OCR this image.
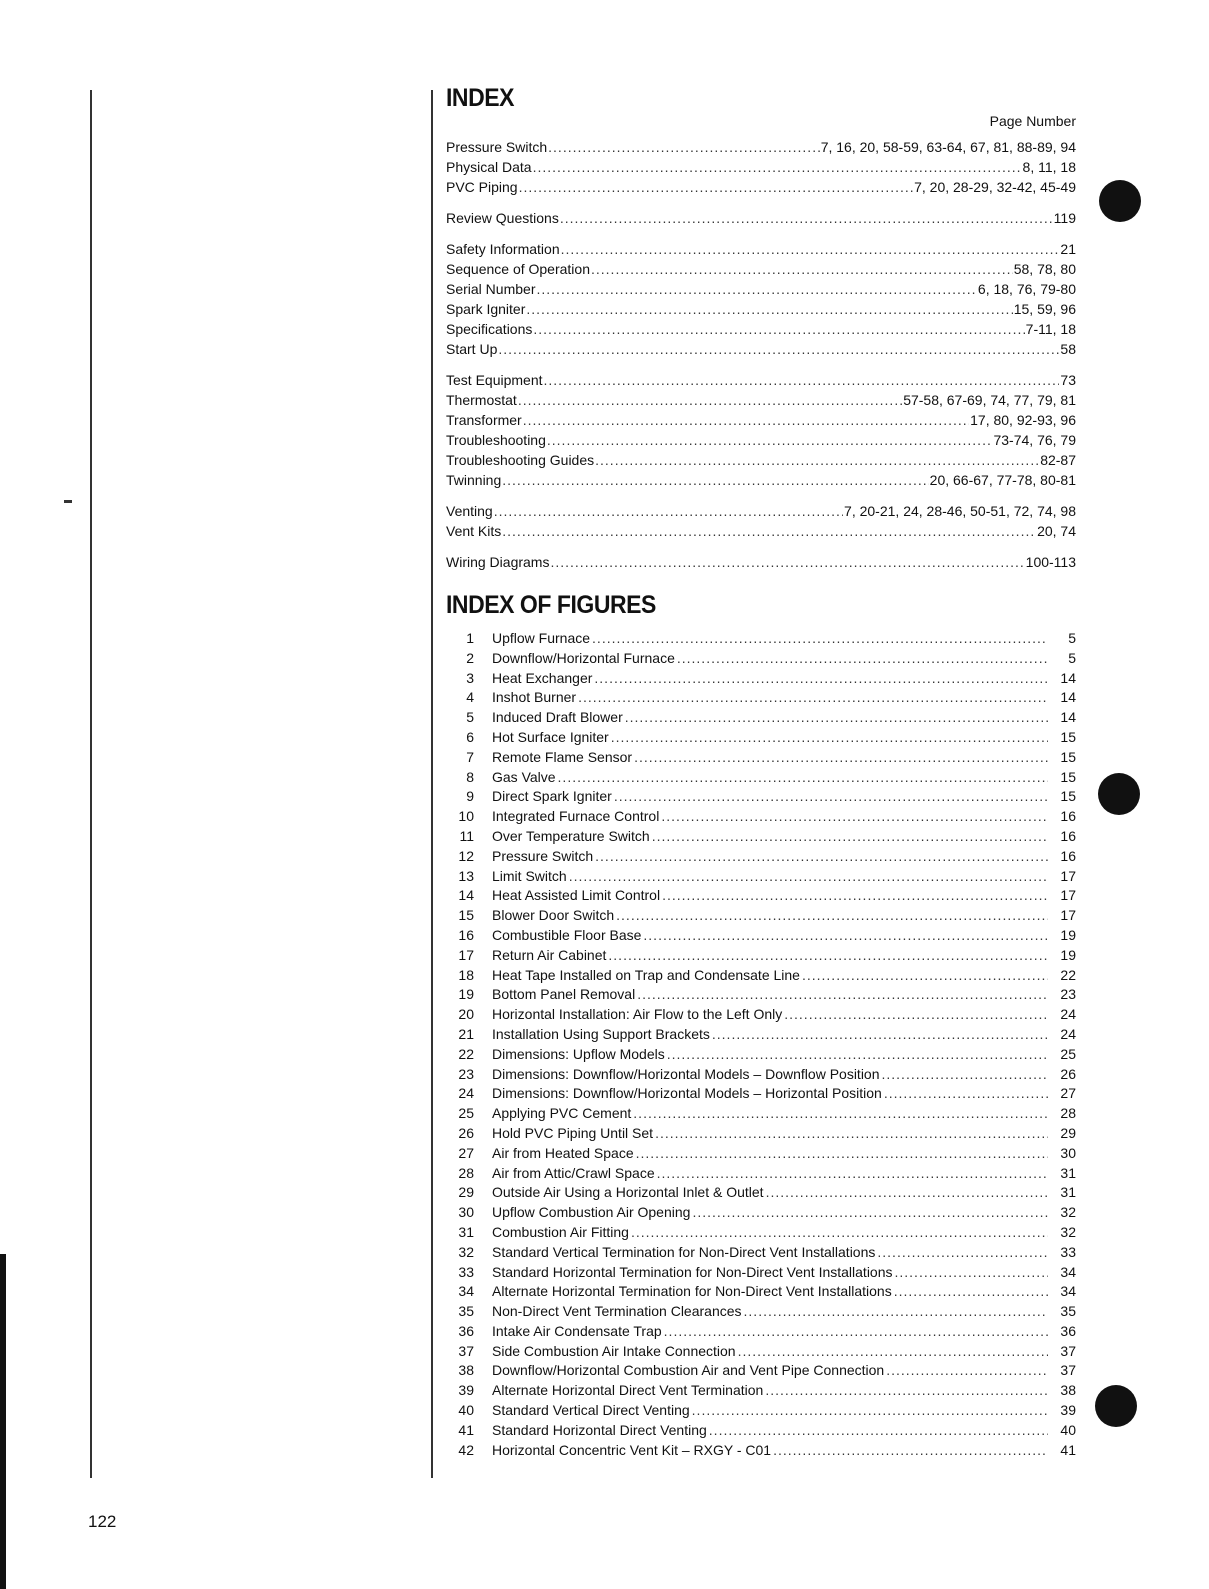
122
INDEX
Page Number
Pressure Switch .....	7, 16, 20, 58-59, 63-64, 67, 81, 88-89, 94
Physical Data .....	8, 11, 18
PVC Piping .....	7, 20, 28-29, 32-42, 45-49
Review Questions .....	119
Safety Information .....	21
Sequence of Operation .....	58, 78, 80
Serial Number .....	6, 18, 76, 79-80
Spark Igniter .....	15, 59, 96
Specifications .....	7-11, 18
Start Up .....	58
Test Equipment .....	73
Thermostat .....	57-58, 67-69, 74, 77, 79, 81
Transformer .....	17, 80, 92-93, 96
Troubleshooting .....	73-74, 76, 79
Troubleshooting Guides .....	82-87
Twinning .....	20, 66-67, 77-78, 80-81
Venting .....	7, 20-21, 24, 28-46, 50-51, 72, 74, 98
Vent Kits .....	20, 74
Wiring Diagrams .....	100-113
INDEX OF FIGURES
1 Upflow Furnace .....	5
2 Downflow/Horizontal Furnace .....	5
3 Heat Exchanger .....	14
4 Inshot Burner .....	14
5 Induced Draft Blower .....	14
6 Hot Surface Igniter .....	15
7 Remote Flame Sensor .....	15
8 Gas Valve .....	15
9 Direct Spark Igniter .....	15
10 Integrated Furnace Control .....	16
11 Over Temperature Switch .....	16
12 Pressure Switch .....	16
13 Limit Switch .....	17
14 Heat Assisted Limit Control .....	17
15 Blower Door Switch .....	17
16 Combustible Floor Base .....	19
17 Return Air Cabinet .....	19
18 Heat Tape Installed on Trap and Condensate Line .....	22
19 Bottom Panel Removal .....	23
20 Horizontal Installation: Air Flow to the Left Only .....	24
21 Installation Using Support Brackets .....	24
22 Dimensions: Upflow Models .....	25
23 Dimensions: Downflow/Horizontal Models – Downflow Position .....	26
24 Dimensions: Downflow/Horizontal Models – Horizontal Position .....	27
25 Applying PVC Cement .....	28
26 Hold PVC Piping Until Set .....	29
27 Air from Heated Space .....	30
28 Air from Attic/Crawl Space .....	31
29 Outside Air Using a Horizontal Inlet & Outlet .....	31
30 Upflow Combustion Air Opening .....	32
31 Combustion Air Fitting .....	32
32 Standard Vertical Termination for Non-Direct Vent Installations .....	33
33 Standard Horizontal Termination for Non-Direct Vent Installations .....	34
34 Alternate Horizontal Termination for Non-Direct Vent Installations .....	34
35 Non-Direct Vent Termination Clearances .....	35
36 Intake Air Condensate Trap .....	36
37 Side Combustion Air Intake Connection .....	37
38 Downflow/Horizontal Combustion Air and Vent Pipe Connection .....	37
39 Alternate Horizontal Direct Vent Termination .....	38
40 Standard Vertical Direct Venting .....	39
41 Standard Horizontal Direct Venting .....	40
42 Horizontal Concentric Vent Kit – RXGY - C01 .....	41
